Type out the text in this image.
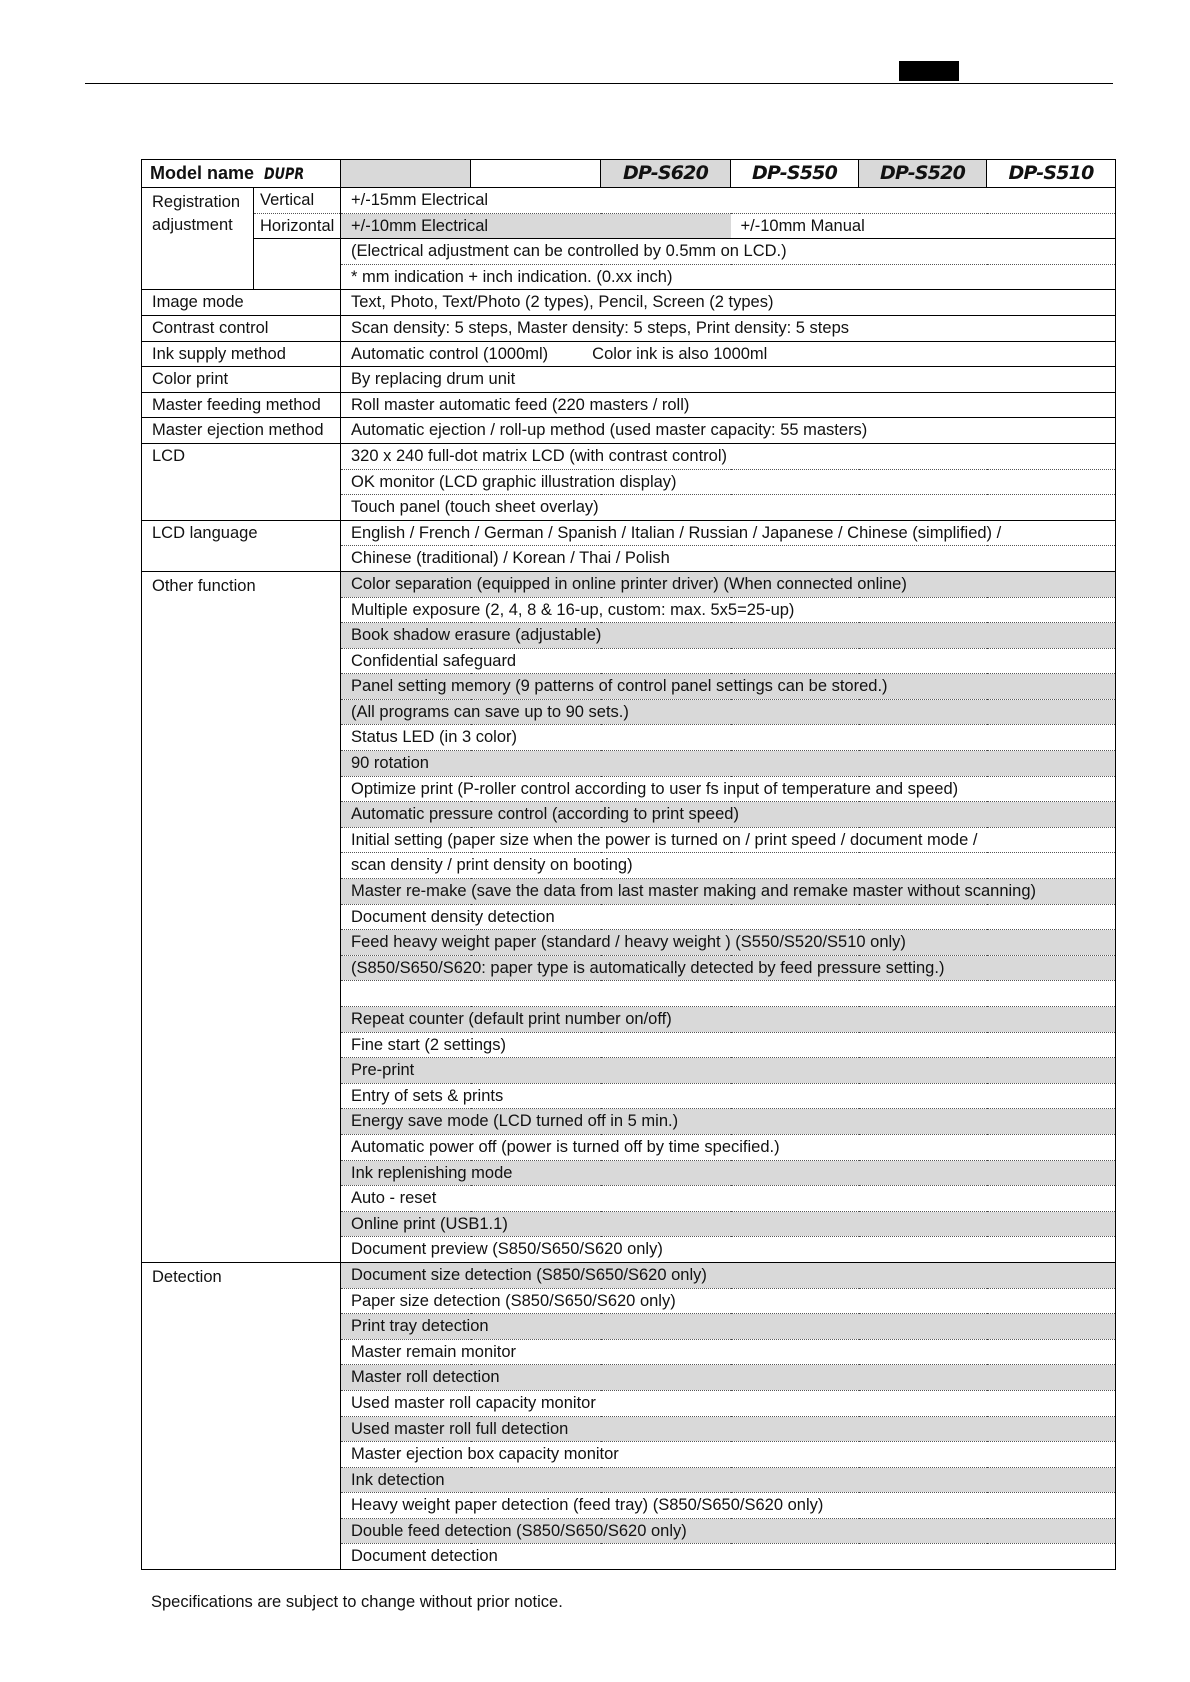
Model name DUPR				DP-S620	DP-S550	DP-S520	DP-S510
Registration
adjustment	Vertical	+/-15mm Electrical					
	Horizontal	+/-10mm Electrical			+/-10mm Manual		
		(Electrical adjustment can be controlled by 0.5mm on LCD.)					
		* mm indication + inch indication. (0.xx inch)					
Image mode		Text, Photo, Text/Photo (2 types), Pencil, Screen (2 types)					
Contrast control		Scan density: 5 steps, Master density: 5 steps, Print density: 5 steps					
Ink supply method		Automatic control (1000ml) Color ink is also 1000ml					
Color print		By replacing drum unit					
Master feeding method		Roll master automatic feed (220 masters / roll)					
Master ejection method		Automatic ejection / roll-up method (used master capacity: 55 masters)					
LCD		320 x 240 full-dot matrix LCD (with contrast control)					
		OK monitor (LCD graphic illustration display)					
		Touch panel (touch sheet overlay)					
LCD language		English / French / German / Spanish / Italian / Russian / Japanese / Chinese (simplified) /					
		Chinese (traditional) / Korean / Thai / Polish					
Other function		Color separation (equipped in online printer driver) (When connected online)					
		Multiple exposure (2, 4, 8 & 16-up, custom: max. 5x5=25-up)					
		Book shadow erasure (adjustable)					
		Confidential safeguard					
		Panel setting memory (9 patterns of control panel settings can be stored.)					
		(All programs can save up to 90 sets.)					
		Status LED (in 3 color)					
		90 rotation					
		Optimize print (P-roller control according to user fs input of temperature and speed)					
		Automatic pressure control (according to print speed)					
		Initial setting (paper size when the power is turned on / print speed / document mode /					
		scan density / print density on booting)					
		Master re-make (save the data from last master making and remake master without scanning)					
		Document density detection					
		Feed heavy weight paper (standard / heavy weight ) (S550/S520/S510 only)					
		(S850/S650/S620: paper type is automatically detected by feed pressure setting.)					

		Repeat counter (default print number on/off)					
		Fine start (2 settings)					
		Pre-print					
		Entry of sets & prints					
		Energy save mode (LCD turned off in 5 min.)					
		Automatic power off (power is turned off by time specified.)					
		Ink replenishing mode					
		Auto - reset					
		Online print (USB1.1)					
		Document preview (S850/S650/S620 only)					
Detection		Document size detection (S850/S650/S620 only)					
		Paper size detection (S850/S650/S620 only)					
		Print tray detection					
		Master remain monitor					
		Master roll detection					
		Used master roll capacity monitor					
		Used master roll full detection					
		Master ejection box capacity monitor					
		Ink detection					
		Heavy weight paper detection (feed tray) (S850/S650/S620 only)					
		Double feed detection (S850/S650/S620 only)					
		Document detection					
Specifications are subject to change without prior notice.
